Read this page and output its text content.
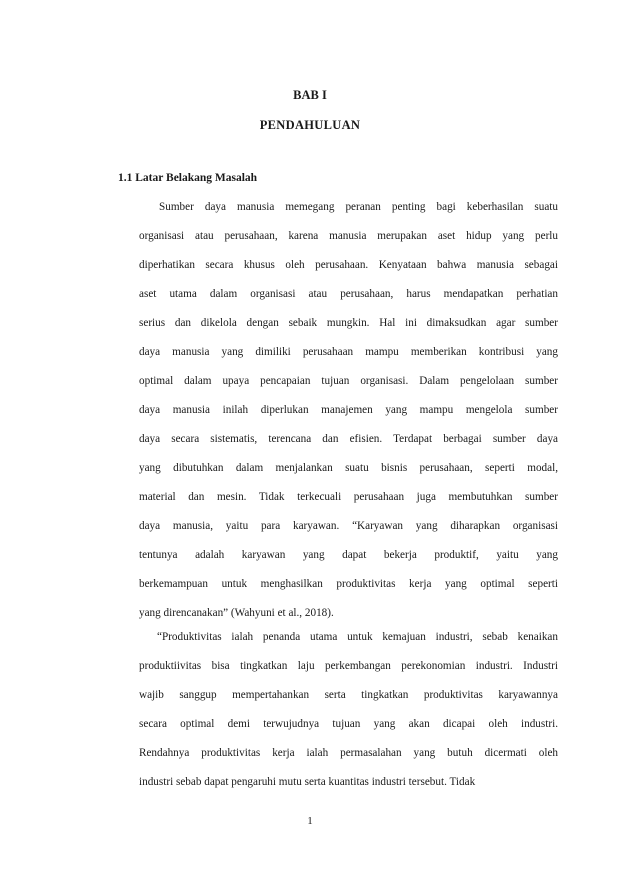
BAB I
PENDAHULUAN
1.1 Latar Belakang Masalah
Sumber daya manusia memegang peranan penting bagi keberhasilan suatu
organisasi atau perusahaan, karena manusia merupakan aset hidup yang perlu
diperhatikan secara khusus oleh perusahaan. Kenyataan bahwa manusia sebagai
aset utama dalam organisasi atau perusahaan, harus mendapatkan perhatian
serius dan dikelola dengan sebaik mungkin. Hal ini dimaksudkan agar sumber
daya manusia yang dimiliki perusahaan mampu memberikan kontribusi yang
optimal dalam upaya pencapaian tujuan organisasi. Dalam pengelolaan sumber
daya manusia inilah diperlukan manajemen yang mampu mengelola sumber
daya secara sistematis, terencana dan efisien. Terdapat berbagai sumber daya
yang dibutuhkan dalam menjalankan suatu bisnis perusahaan, seperti modal,
material dan mesin. Tidak terkecuali perusahaan juga membutuhkan sumber
daya manusia, yaitu para karyawan. “Karyawan yang diharapkan organisasi
tentunya adalah karyawan yang dapat bekerja produktif, yaitu yang
berkemampuan untuk menghasilkan produktivitas kerja yang optimal seperti
yang direncanakan” (Wahyuni et al., 2018).
“Produktivitas ialah penanda utama untuk kemajuan industri, sebab kenaikan
produktiivitas bisa tingkatkan laju perkembangan perekonomian industri. Industri
wajib sanggup mempertahankan serta tingkatkan produktivitas karyawannya
secara optimal demi terwujudnya tujuan yang akan dicapai oleh industri.
Rendahnya produktivitas kerja ialah permasalahan yang butuh dicermati oleh
industri sebab dapat pengaruhi mutu serta kuantitas industri tersebut. Tidak
1
